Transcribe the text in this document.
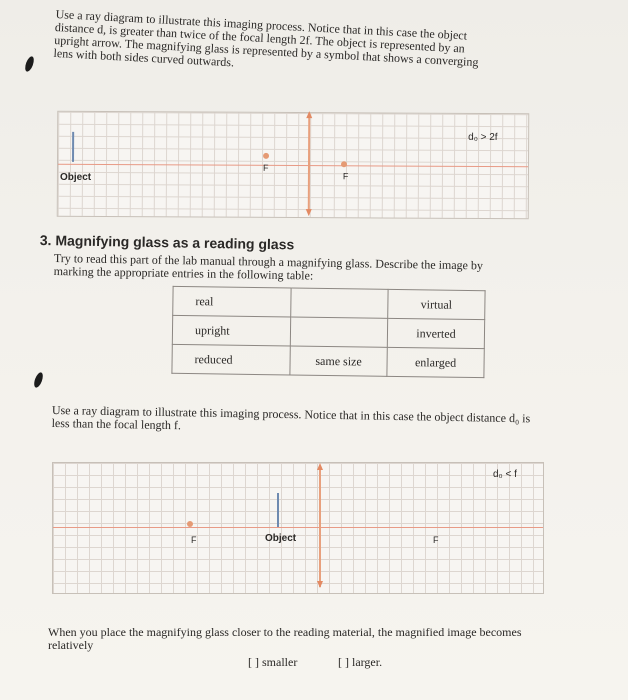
Use a ray diagram to illustrate this imaging process. Notice that in this case the object distance d, is greater than twice of the focal length 2f. The object is represented by an upright arrow. The magnifying glass is represented by a symbol that shows a converging lens with both sides curved outwards.
F
F
d₀ > 2f
Object
3. Magnifying glass as a reading glass
Try to read this part of the lab manual through a magnifying glass. Describe the image by marking the appropriate entries in the following table:
real		virtual
upright		inverted
reduced	same size	enlarged
Use a ray diagram to illustrate this imaging process. Notice that in this case the object distance d₀ is less than the focal length f.
F	F
d₀ < f
Object
When you place the magnifying glass closer to the reading material, the magnified image becomes relatively
[ ] smaller	[ ] larger.
